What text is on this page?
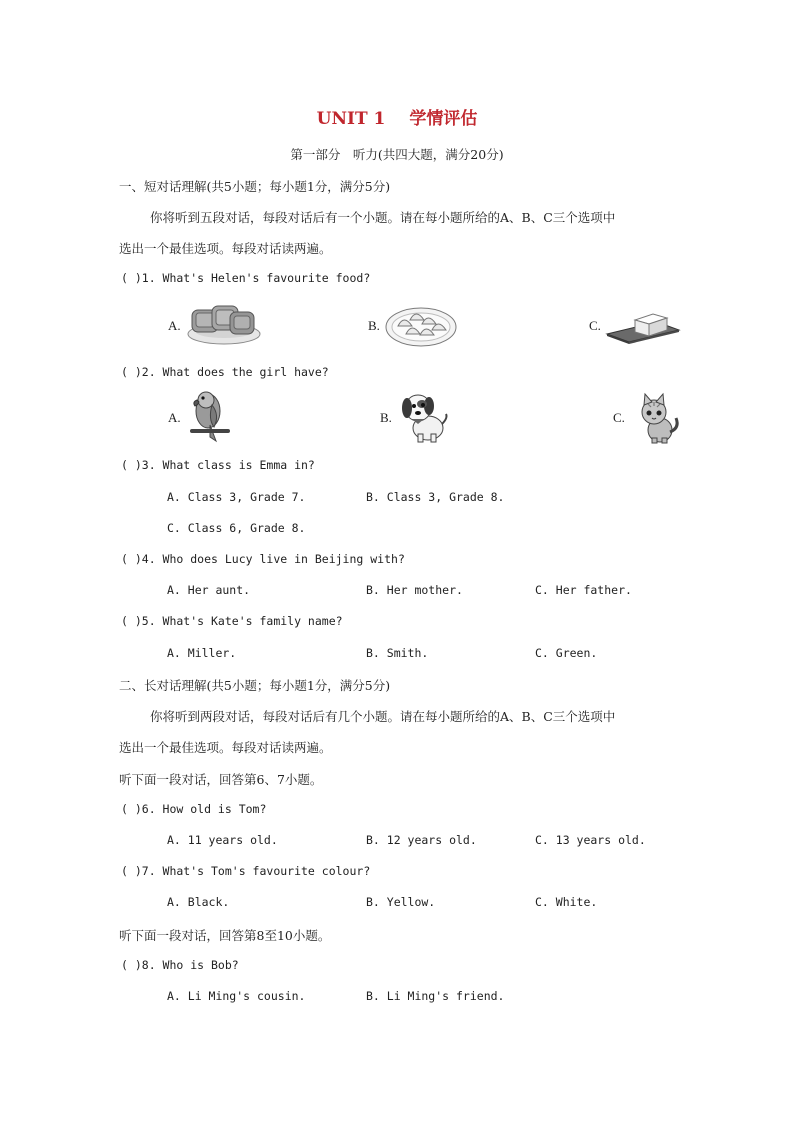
UNIT 1 学情评估
第一部分　听力(共四大题，满分20分)
一、短对话理解(共5小题；每小题1分，满分5分)
你将听到五段对话，每段对话后有一个小题。请在每小题所给的A、B、C三个选项中
选出一个最佳选项。每段对话读两遍。
( )1. What's Helen's favourite food?
A.	B.	C.
( )2. What does the girl have?
A.	B.	C.
( )3. What class is Emma in?
A. Class 3, Grade 7.	B. Class 3, Grade 8.
C. Class 6, Grade 8.
( )4. Who does Lucy live in Beijing with?
A. Her aunt.	B. Her mother.	C. Her father.
( )5. What's Kate's family name?
A. Miller.	B. Smith.	C. Green.
二、长对话理解(共5小题；每小题1分，满分5分)
你将听到两段对话，每段对话后有几个小题。请在每小题所给的A、B、C三个选项中
选出一个最佳选项。每段对话读两遍。
听下面一段对话，回答第6、7小题。
( )6. How old is Tom?
A. 11 years old.	B. 12 years old.	C. 13 years old.
( )7. What's Tom's favourite colour?
A. Black.	B. Yellow.	C. White.
听下面一段对话，回答第8至10小题。
( )8. Who is Bob?
A. Li Ming's cousin.	B. Li Ming's friend.
